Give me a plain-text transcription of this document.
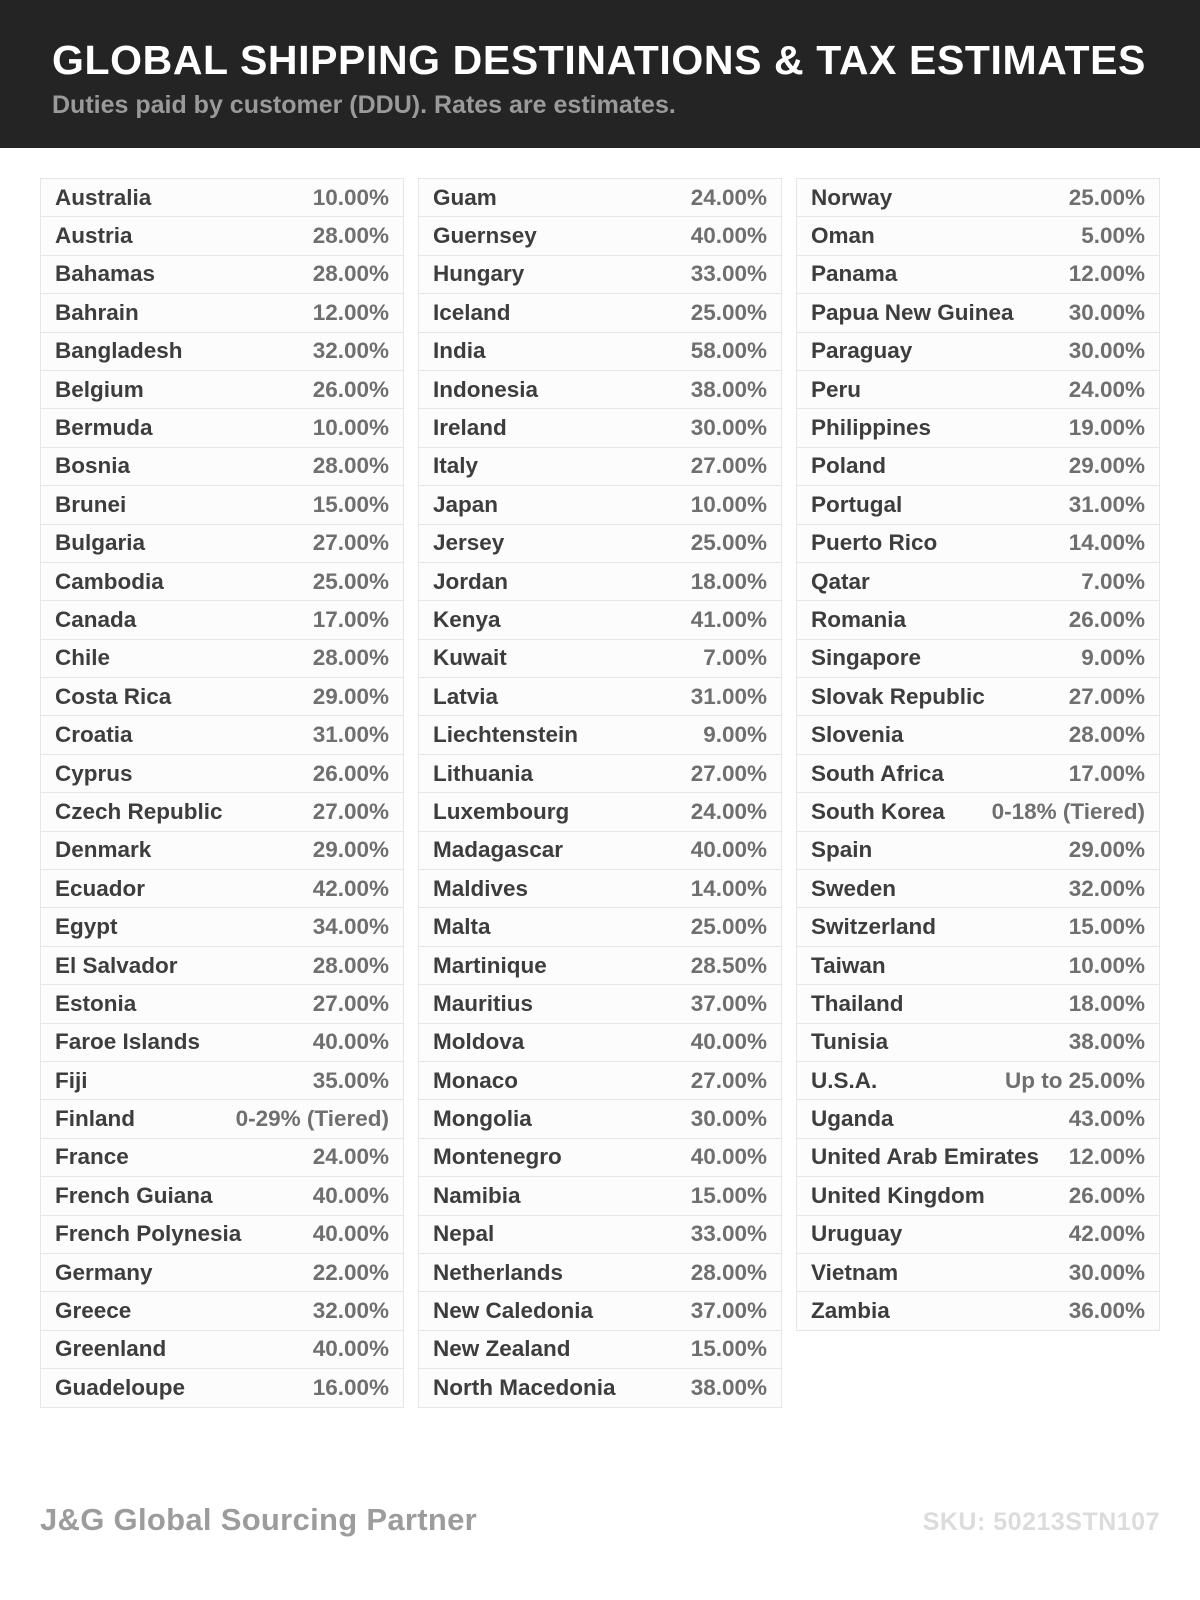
GLOBAL SHIPPING DESTINATIONS & TAX ESTIMATES

Duties paid by customer (DDU). Rates are estimates.

Australia	10.00%
Austria	28.00%
Bahamas	28.00%
Bahrain	12.00%
Bangladesh	32.00%
Belgium	26.00%
Bermuda	10.00%
Bosnia	28.00%
Brunei	15.00%
Bulgaria	27.00%
Cambodia	25.00%
Canada	17.00%
Chile	28.00%
Costa Rica	29.00%
Croatia	31.00%
Cyprus	26.00%
Czech Republic	27.00%
Denmark	29.00%
Ecuador	42.00%
Egypt	34.00%
El Salvador	28.00%
Estonia	27.00%
Faroe Islands	40.00%
Fiji	35.00%
Finland	0-29% (Tiered)
France	24.00%
French Guiana	40.00%
French Polynesia	40.00%
Germany	22.00%
Greece	32.00%
Greenland	40.00%
Guadeloupe	16.00%
Guam	24.00%
Guernsey	40.00%
Hungary	33.00%
Iceland	25.00%
India	58.00%
Indonesia	38.00%
Ireland	30.00%
Italy	27.00%
Japan	10.00%
Jersey	25.00%
Jordan	18.00%
Kenya	41.00%
Kuwait	7.00%
Latvia	31.00%
Liechtenstein	9.00%
Lithuania	27.00%
Luxembourg	24.00%
Madagascar	40.00%
Maldives	14.00%
Malta	25.00%
Martinique	28.50%
Mauritius	37.00%
Moldova	40.00%
Monaco	27.00%
Mongolia	30.00%
Montenegro	40.00%
Namibia	15.00%
Nepal	33.00%
Netherlands	28.00%
New Caledonia	37.00%
New Zealand	15.00%
North Macedonia	38.00%
Norway	25.00%
Oman	5.00%
Panama	12.00%
Papua New Guinea 30.00%
Paraguay	30.00%
Peru	24.00%
Philippines	19.00%
Poland	29.00%
Portugal	31.00%
Puerto Rico	14.00%
Qatar	7.00%
Romania	26.00%
Singapore	9.00%
Slovak Republic	27.00%
Slovenia	28.00%
South Africa	17.00%
South Korea 0-18% (Tiered)
Spain	29.00%
Sweden	32.00%
Switzerland	15.00%
Taiwan	10.00%
Thailand	18.00%
Tunisia	38.00%
U.S.A.	Up to 25.00%
Uganda	43.00%
United Arab Emirates 12.00%
United Kingdom	26.00%
Uruguay	42.00%
Vietnam	30.00%
Zambia	36.00%
J&G Global Sourcing Partner	SKU: 50213STN107
